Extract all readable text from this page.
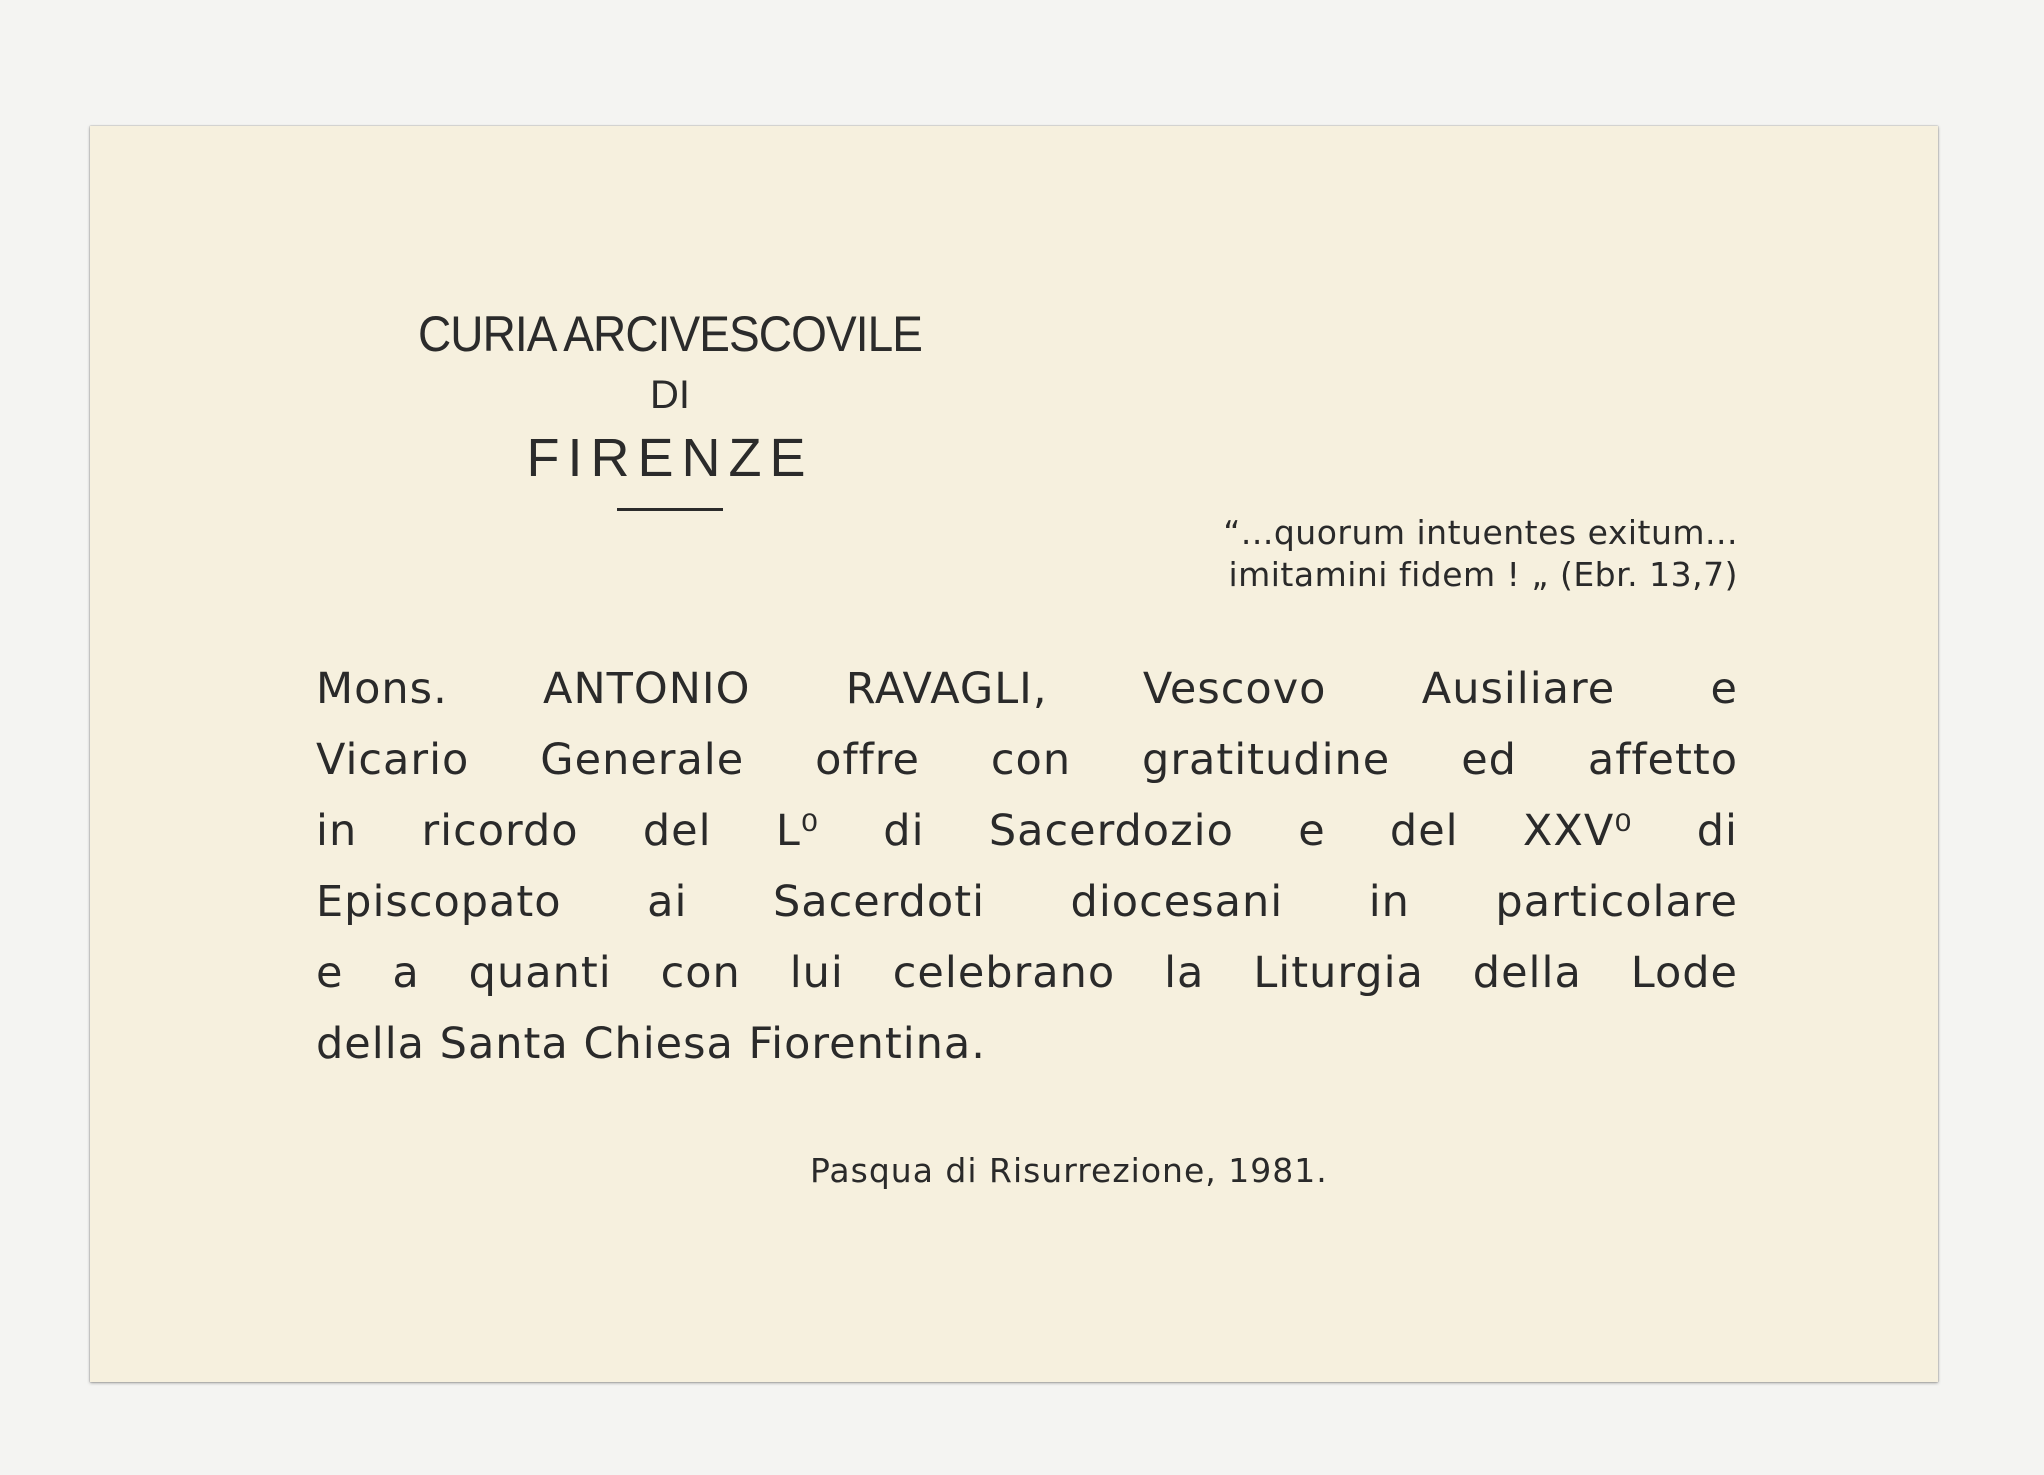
CURIA ARCIVESCOVILE
DI
FIRENZE
“...quorum intuentes exitum...
imitamini fidem ! „ (Ebr. 13,7)
Mons. ANTONIO RAVAGLI, Vescovo Ausiliare e
Vicario Generale offre con gratitudine ed affetto
in ricordo del L⁰ di Sacerdozio e del XXV⁰ di
Episcopato ai Sacerdoti diocesani in particolare
e a quanti con lui celebrano la Liturgia della Lode
della Santa Chiesa Fiorentina.
Pasqua di Risurrezione, 1981.
